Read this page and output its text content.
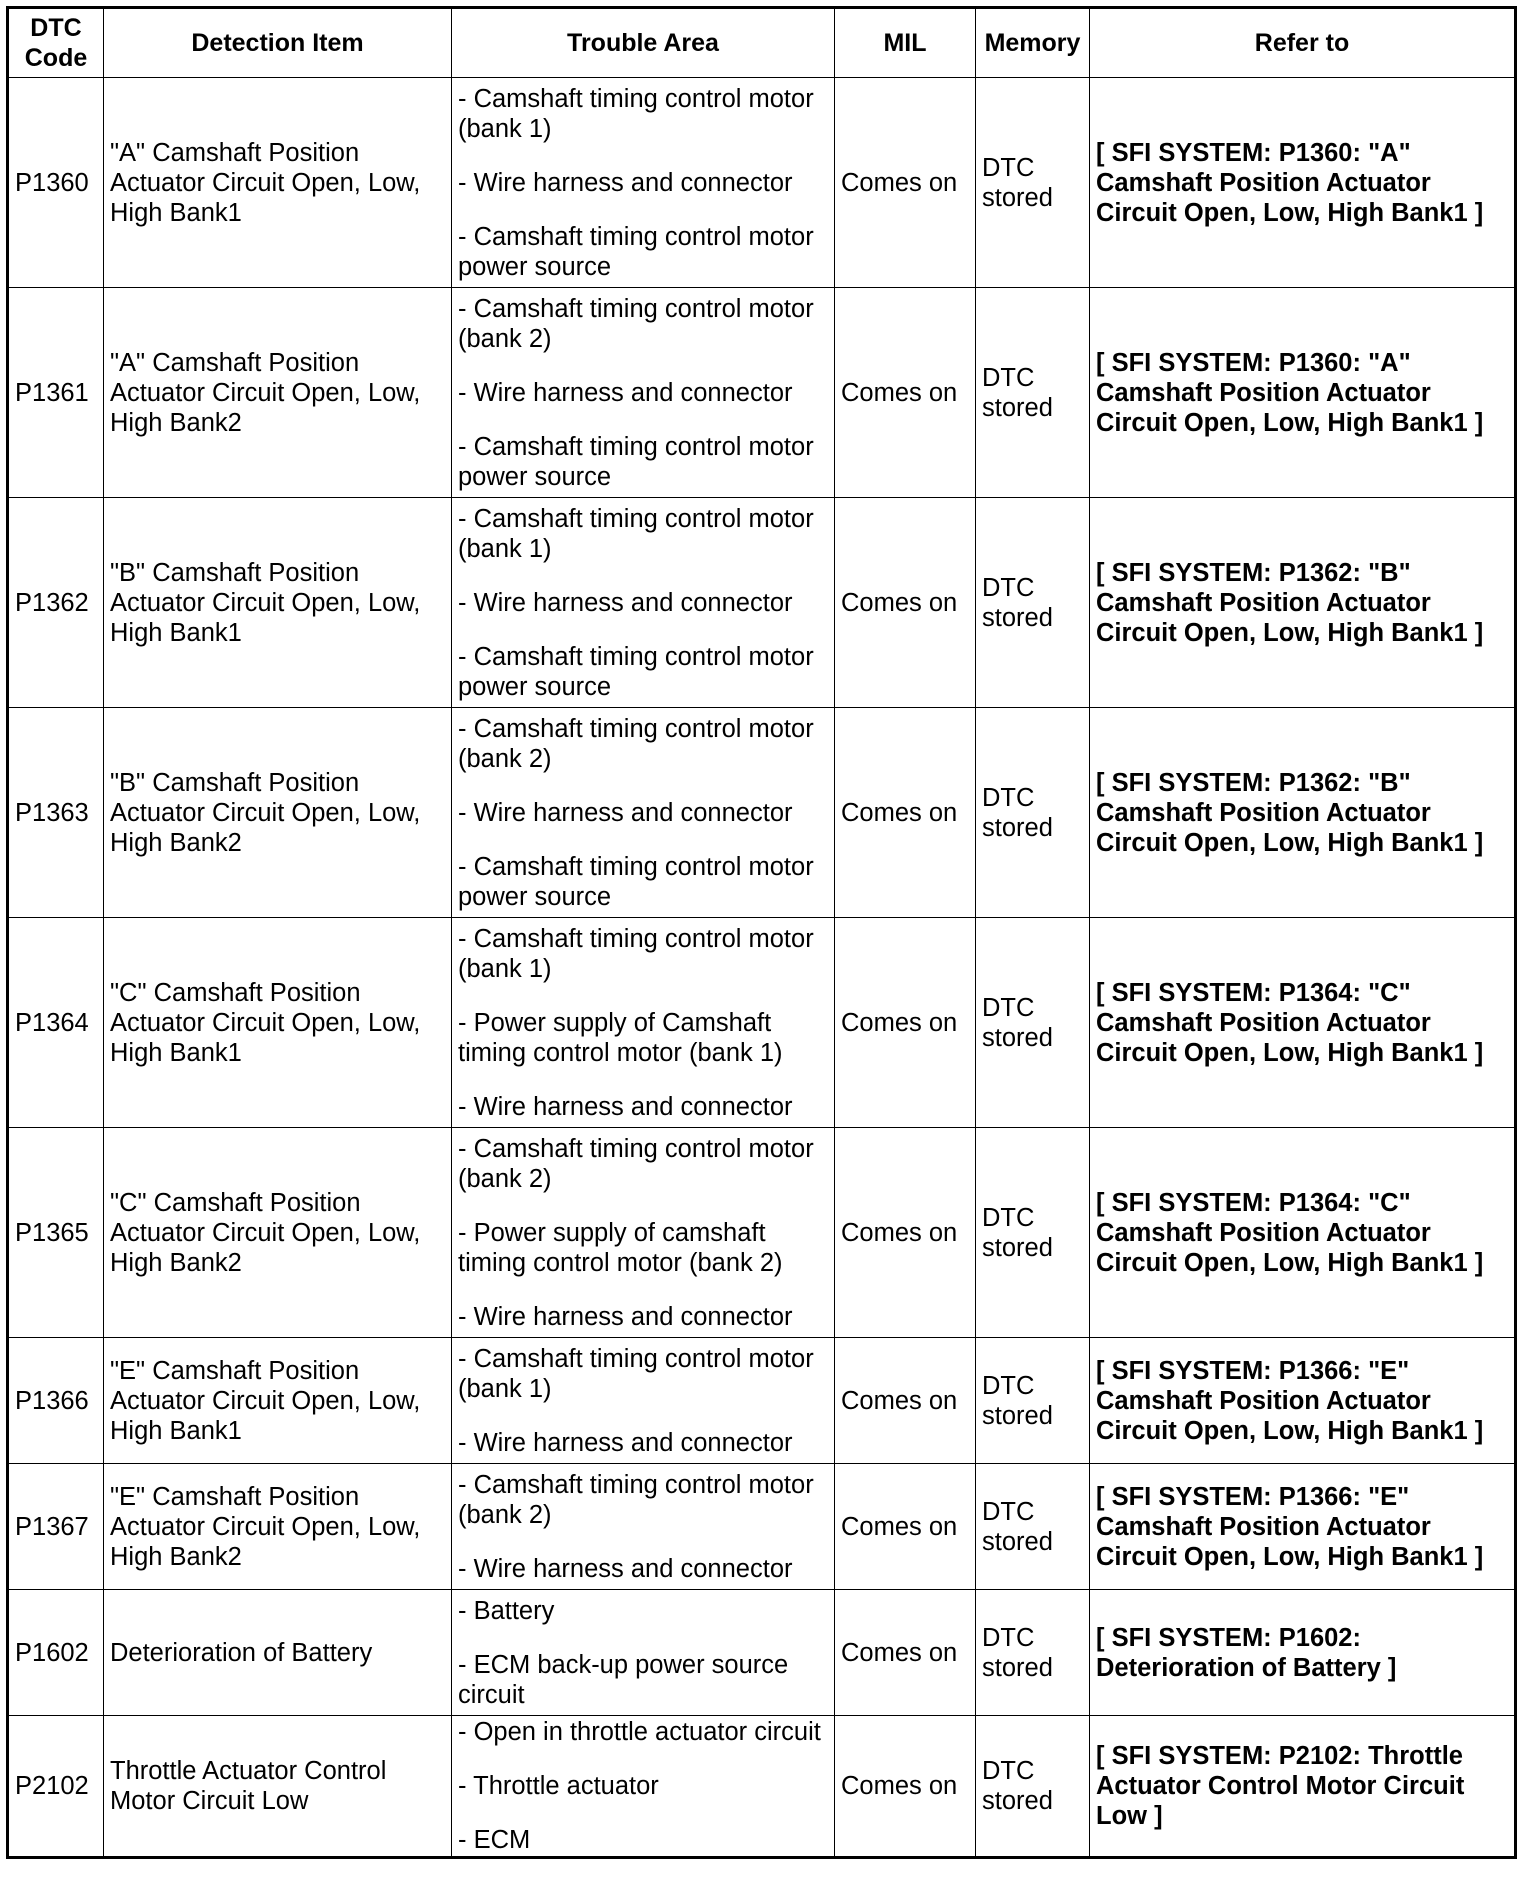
DTC Code	Detection Item	Trouble Area	MIL	Memory	Refer to
P1360	"A" Camshaft Position Actuator Circuit Open, Low, High Bank1	- Camshaft timing control motor (bank 1)
- Wire harness and connector
- Camshaft timing control motor power source	Comes on	DTC stored	[ SFI SYSTEM: P1360: "A" Camshaft Position Actuator Circuit Open, Low, High Bank1 ]
P1361	"A" Camshaft Position Actuator Circuit Open, Low, High Bank2	- Camshaft timing control motor (bank 2)
- Wire harness and connector
- Camshaft timing control motor power source	Comes on	DTC stored	[ SFI SYSTEM: P1360: "A" Camshaft Position Actuator Circuit Open, Low, High Bank1 ]
P1362	"B" Camshaft Position Actuator Circuit Open, Low, High Bank1	- Camshaft timing control motor (bank 1)
- Wire harness and connector
- Camshaft timing control motor power source	Comes on	DTC stored	[ SFI SYSTEM: P1362: "B" Camshaft Position Actuator Circuit Open, Low, High Bank1 ]
P1363	"B" Camshaft Position Actuator Circuit Open, Low, High Bank2	- Camshaft timing control motor (bank 2)
- Wire harness and connector
- Camshaft timing control motor power source	Comes on	DTC stored	[ SFI SYSTEM: P1362: "B" Camshaft Position Actuator Circuit Open, Low, High Bank1 ]
P1364	"C" Camshaft Position Actuator Circuit Open, Low, High Bank1	- Camshaft timing control motor (bank 1)
- Power supply of Camshaft timing control motor (bank 1)
- Wire harness and connector	Comes on	DTC stored	[ SFI SYSTEM: P1364: "C" Camshaft Position Actuator Circuit Open, Low, High Bank1 ]
P1365	"C" Camshaft Position Actuator Circuit Open, Low, High Bank2	- Camshaft timing control motor (bank 2)
- Power supply of camshaft timing control motor (bank 2)
- Wire harness and connector	Comes on	DTC stored	[ SFI SYSTEM: P1364: "C" Camshaft Position Actuator Circuit Open, Low, High Bank1 ]
P1366	"E" Camshaft Position Actuator Circuit Open, Low, High Bank1	- Camshaft timing control motor (bank 1)
- Wire harness and connector	Comes on	DTC stored	[ SFI SYSTEM: P1366: "E" Camshaft Position Actuator Circuit Open, Low, High Bank1 ]
P1367	"E" Camshaft Position Actuator Circuit Open, Low, High Bank2	- Camshaft timing control motor (bank 2)
- Wire harness and connector	Comes on	DTC stored	[ SFI SYSTEM: P1366: "E" Camshaft Position Actuator Circuit Open, Low, High Bank1 ]
P1602	Deterioration of Battery	- Battery
- ECM back-up power source circuit	Comes on	DTC stored	[ SFI SYSTEM: P1602: Deterioration of Battery ]
P2102	Throttle Actuator Control Motor Circuit Low	- Open in throttle actuator circuit
- Throttle actuator
- ECM	Comes on	DTC stored	[ SFI SYSTEM: P2102: Throttle Actuator Control Motor Circuit Low ]
